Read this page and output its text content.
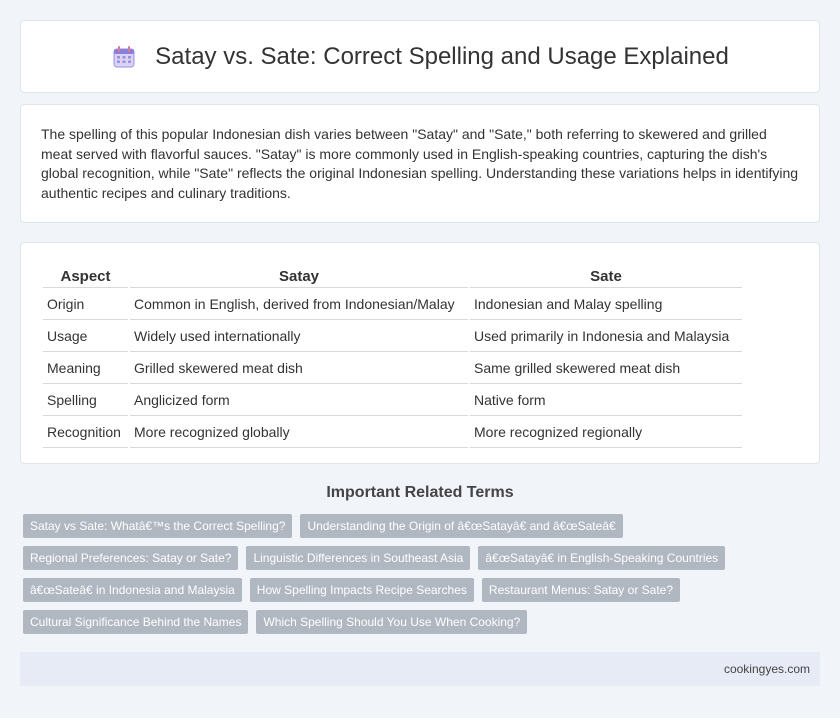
Satay vs. Sate: Correct Spelling and Usage Explained

The spelling of this popular Indonesian dish varies between "Satay" and "Sate," both referring to skewered and grilled meat served with flavorful sauces. "Satay" is more commonly used in English-speaking countries, capturing the dish's global recognition, while "Sate" reflects the original Indonesian spelling. Understanding these variations helps in identifying authentic recipes and culinary traditions.

Aspect	Satay	Sate
Origin	Common in English, derived from Indonesian/Malay	Indonesian and Malay spelling
Usage	Widely used internationally	Used primarily in Indonesia and Malaysia
Meaning	Grilled skewered meat dish	Same grilled skewered meat dish
Spelling	Anglicized form	Native form
Recognition	More recognized globally	More recognized regionally
Important Related Terms
Satay vs Sate: Whatâ€™s the Correct Spelling?	Understanding the Origin of â€œSatayâ€ and â€œSateâ€
Regional Preferences: Satay or Sate?	Linguistic Differences in Southeast Asia	â€œSatayâ€ in English-Speaking Countries
â€œSateâ€ in Indonesia and Malaysia	How Spelling Impacts Recipe Searches	Restaurant Menus: Satay or Sate?
Cultural Significance Behind the Names	Which Spelling Should You Use When Cooking?
cookingyes.com
